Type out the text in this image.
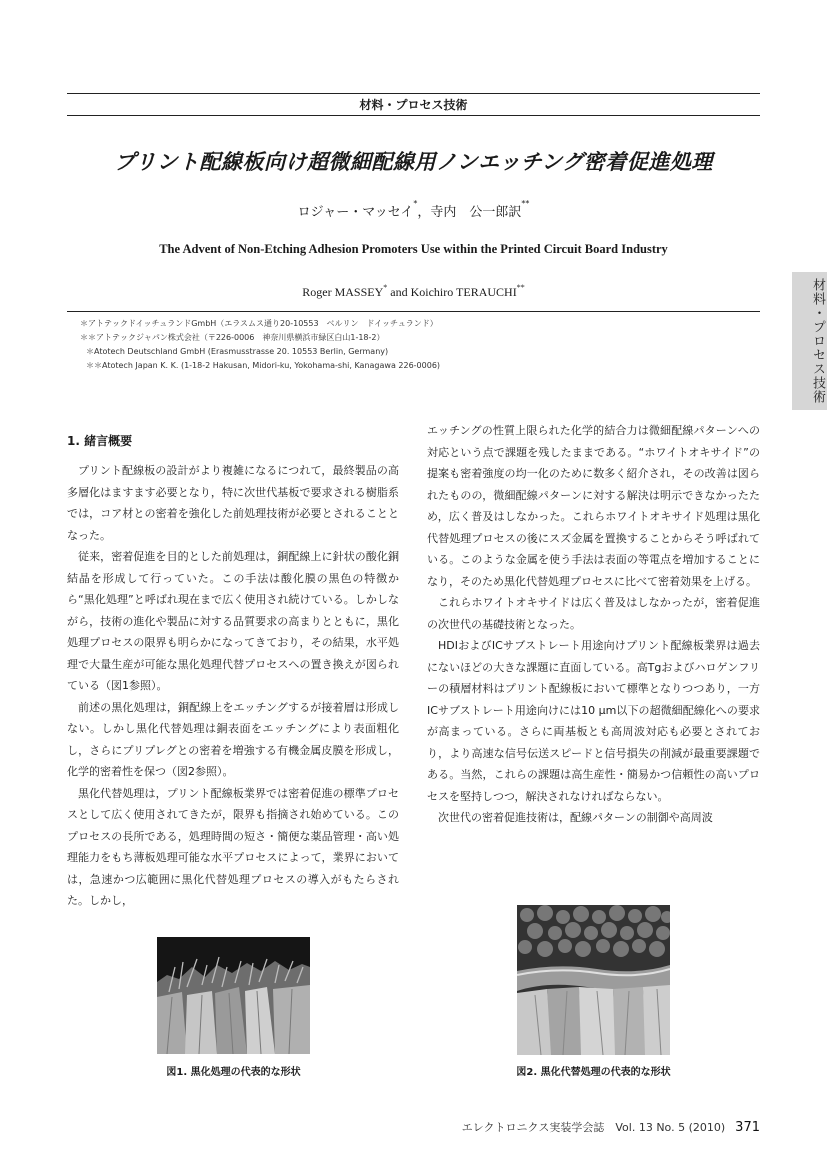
材料・プロセス技術
材料・プロセス技術
プリント配線板向け超微細配線用ノンエッチング密着促進処理
ロジャー・マッセイ*，寺内　公一郎訳**
The Advent of Non-Etching Adhesion Promoters Use within the Printed Circuit Board Industry
Roger MASSEY* and Koichiro TERAUCHI**
＊アトテックドイッチュランドGmbH（エラスムス通り20-10553　ベルリン　ドイッチュランド）
＊＊アトテックジャパン株式会社（〒226-0006　神奈川県横浜市緑区白山1-18-2）
＊Atotech Deutschland GmbH (Erasmusstrasse 20. 10553 Berlin, Germany)
＊＊Atotech Japan K. K. (1-18-2 Hakusan, Midori-ku, Yokohama-shi, Kanagawa 226-0006)
1. 緒言概要

プリント配線板の設計がより複雑になるにつれて，最終製品の高多層化はますます必要となり，特に次世代基板で要求される樹脂系では，コア材との密着を強化した前処理技術が必要とされることとなった。

従来，密着促進を目的とした前処理は，銅配線上に針状の酸化銅結晶を形成して行っていた。この手法は酸化膜の黒色の特徴から“黒化処理”と呼ばれ現在まで広く使用され続けている。しかしながら，技術の進化や製品に対する品質要求の高まりとともに，黒化処理プロセスの限界も明らかになってきており，その結果，水平処理で大量生産が可能な黒化処理代替プロセスへの置き換えが図られている（図1参照）。

前述の黒化処理は，銅配線上をエッチングするが接着層は形成しない。しかし黒化代替処理は銅表面をエッチングにより表面粗化し，さらにプリプレグとの密着を増強する有機金属皮膜を形成し，化学的密着性を保つ（図2参照）。

黒化代替処理は，プリント配線板業界では密着促進の標準プロセスとして広く使用されてきたが，限界も指摘され始めている。このプロセスの長所である，処理時間の短さ・簡便な薬品管理・高い処理能力をもち薄板処理可能な水平プロセスによって，業界においては，急速かつ広範囲に黒化代替処理プロセスの導入がもたらされた。しかし，

エッチングの性質上限られた化学的結合力は微細配線パターンへの対応という点で課題を残したままである。“ホワイトオキサイド”の提案も密着強度の均一化のために数多く紹介され，その改善は図られたものの，微細配線パターンに対する解決は明示できなかったため，広く普及はしなかった。これらホワイトオキサイド処理は黒化代替処理プロセスの後にスズ金属を置換することからそう呼ばれている。このような金属を使う手法は表面の等電点を増加することになり，そのため黒化代替処理プロセスに比べて密着効果を上げる。

これらホワイトオキサイドは広く普及はしなかったが，密着促進の次世代の基礎技術となった。

HDIおよびICサブストレート用途向けプリント配線板業界は過去にないほどの大きな課題に直面している。高Tgおよびハロゲンフリーの積層材料はプリント配線板において標準となりつつあり，一方ICサブストレート用途向けには10 μm以下の超微細配線化への要求が高まっている。さらに両基板とも高周波対応も必要とされており，より高速な信号伝送スピードと信号損失の削減が最重要課題である。当然，これらの課題は高生産性・簡易かつ信頼性の高いプロセスを堅持しつつ，解決されなければならない。

次世代の密着促進技術は，配線パターンの制御や高周波

図1. 黒化処理の代表的な形状	図2. 黒化代替処理の代表的な形状
エレクトロニクス実装学会誌　Vol. 13 No. 5 (2010) 371
